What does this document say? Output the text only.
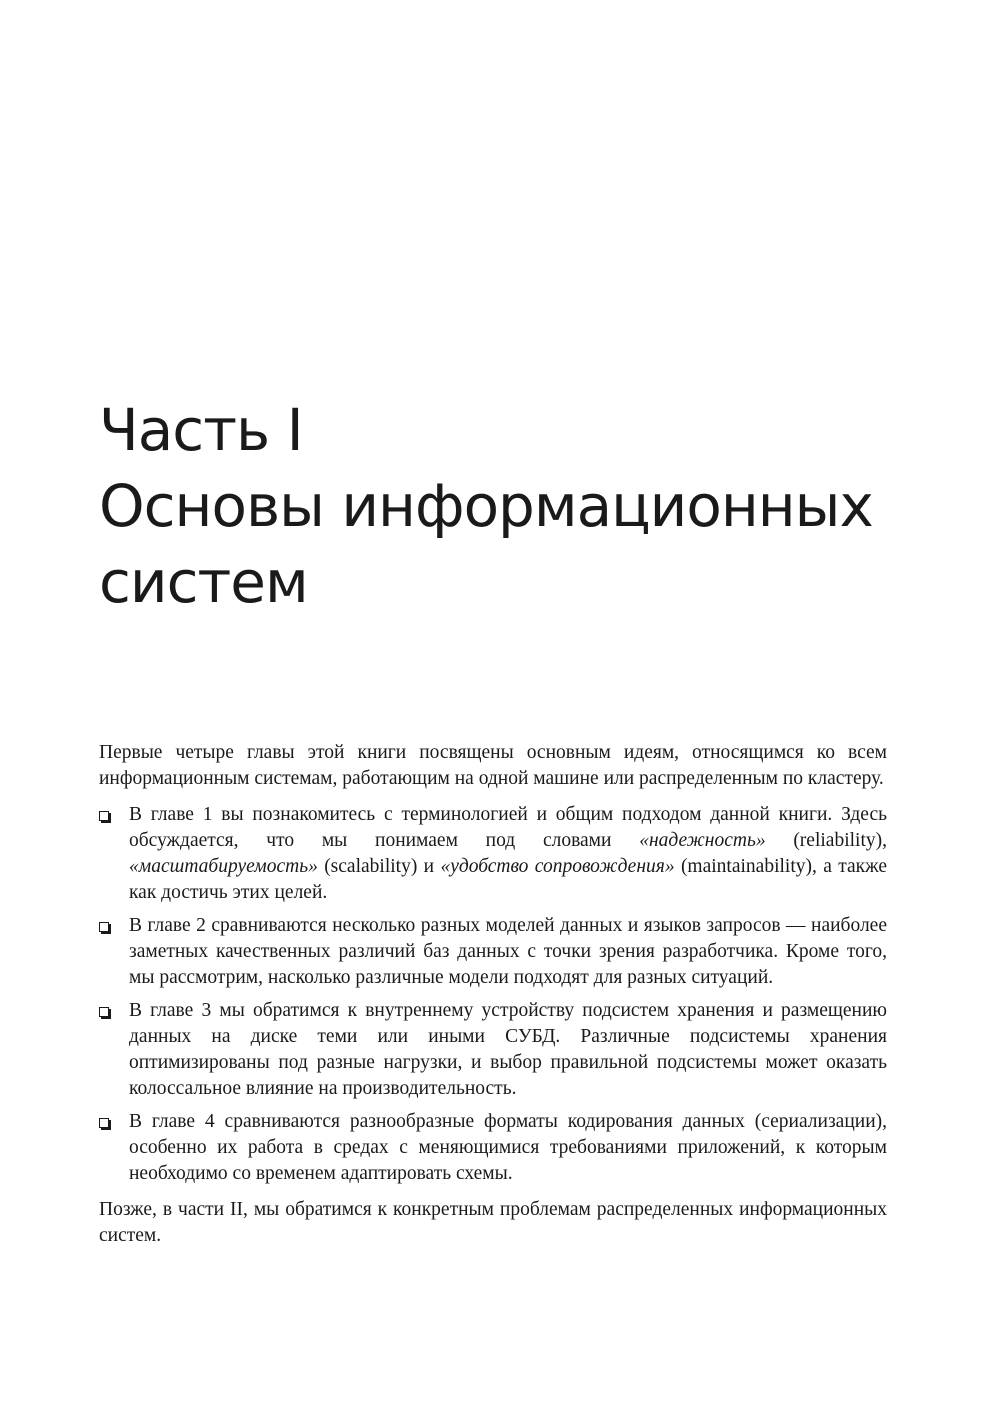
Часть I
Основы информационных
систем

Первые четыре главы этой книги посвящены основным идеям, относящимся ко всем информационным системам, работающим на одной машине или распределенным по кластеру.

В главе 1 вы познакомитесь с терминологией и общим подходом данной книги. Здесь обсуждается, что мы понимаем под словами «надежность» (reliability), «масштабируемость» (scalability) и «удобство сопровождения» (maintainability), а также как достичь этих целей.
В главе 2 сравниваются несколько разных моделей данных и языков запросов — наиболее заметных качественных различий баз данных с точки зрения разработчика. Кроме того, мы рассмотрим, насколько различные модели подходят для разных ситуаций.
В главе 3 мы обратимся к внутреннему устройству подсистем хранения и размещению данных на диске теми или иными СУБД. Различные подсистемы хранения оптимизированы под разные нагрузки, и выбор правильной подсистемы может оказать колоссальное влияние на производительность.
В главе 4 сравниваются разнообразные форматы кодирования данных (сериализации), особенно их работа в средах с меняющимися требованиями приложений, к которым необходимо со временем адаптировать схемы.

Позже, в части II, мы обратимся к конкретным проблемам распределенных информационных систем.
